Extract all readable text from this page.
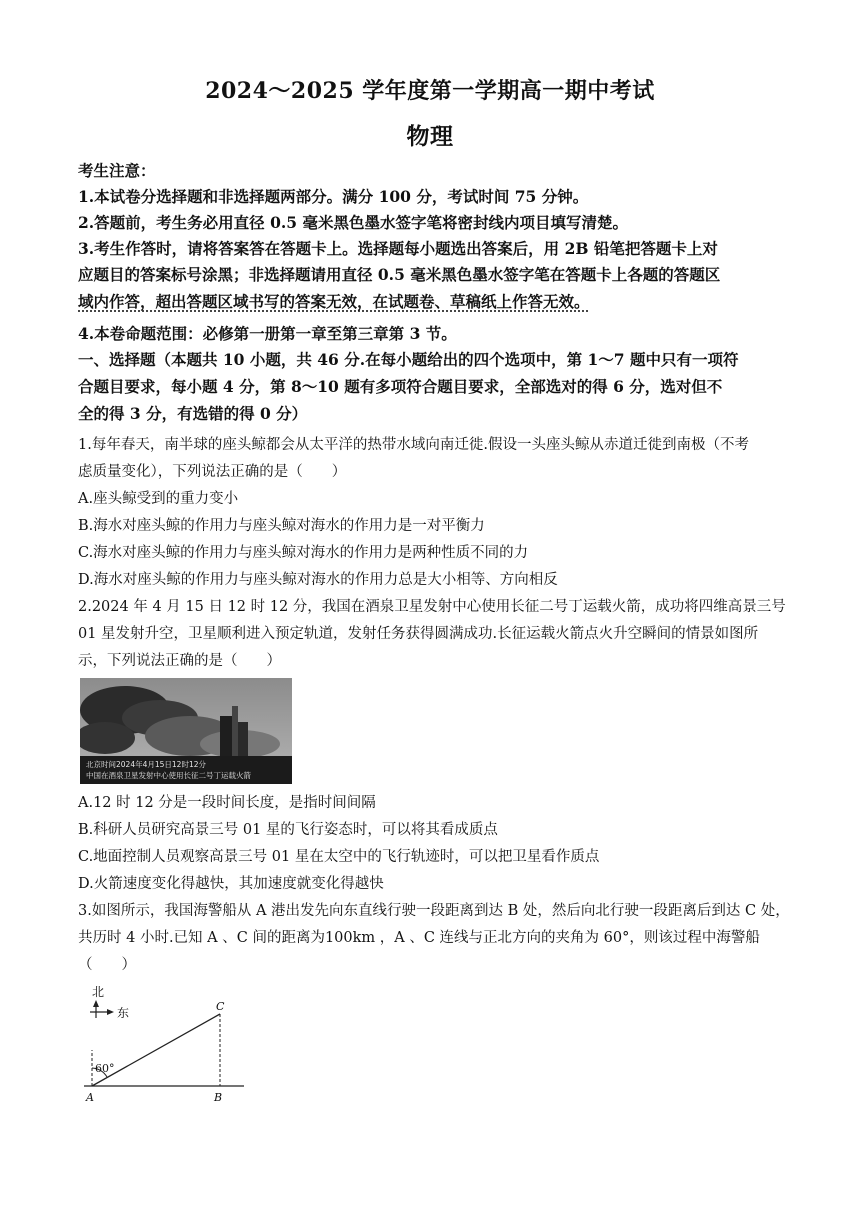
2024～2025 学年度第一学期高一期中考试
物理
考生注意：
1.本试卷分选择题和非选择题两部分。满分 100 分，考试时间 75 分钟。
2.答题前，考生务必用直径 0.5 毫米黑色墨水签字笔将密封线内项目填写清楚。
3.考生作答时，请将答案答在答题卡上。选择题每小题选出答案后，用 2B 铅笔把答题卡上对
应题目的答案标号涂黑；非选择题请用直径 0.5 毫米黑色墨水签字笔在答题卡上各题的答题区
域内作答，超出答题区域书写的答案无效，在试题卷、草稿纸上作答无效。
4.本卷命题范围：必修第一册第一章至第三章第 3 节。
一、选择题（本题共 10 小题，共 46 分.在每小题给出的四个选项中，第 1～7 题中只有一项符
合题目要求，每小题 4 分，第 8～10 题有多项符合题目要求，全部选对的得 6 分，选对但不
全的得 3 分，有选错的得 0 分）
1.每年春天，南半球的座头鲸都会从太平洋的热带水域向南迁徙.假设一头座头鲸从赤道迁徙到南极（不考
虑质量变化），下列说法正确的是（　　）
A.座头鲸受到的重力变小
B.海水对座头鲸的作用力与座头鲸对海水的作用力是一对平衡力
C.海水对座头鲸的作用力与座头鲸对海水的作用力是两种性质不同的力
D.海水对座头鲸的作用力与座头鲸对海水的作用力总是大小相等、方向相反
2.2024 年 4 月 15 日 12 时 12 分，我国在酒泉卫星发射中心使用长征二号丁运载火箭，成功将四维高景三号
01 星发射升空，卫星顺利进入预定轨道，发射任务获得圆满成功.长征运载火箭点火升空瞬间的情景如图所
示，下列说法正确的是（　　）
北京时间2024年4月15日12时12分
中国在酒泉卫星发射中心使用长征二号丁运载火箭
A.12 时 12 分是一段时间长度，是指时间间隔
B.科研人员研究高景三号 01 星的飞行姿态时，可以将其看成质点
C.地面控制人员观察高景三号 01 星在太空中的飞行轨迹时，可以把卫星看作质点
D.火箭速度变化得越快，其加速度就变化得越快
3.如图所示，我国海警船从 A 港出发先向东直线行驶一段距离到达 B 处，然后向北行驶一段距离后到达 C 处，
共历时 4 小时.已知 A 、C 间的距离为100km ，A 、C 连线与正北方向的夹角为 60°，则该过程中海警船
（　　）
北
东
60°
A	B
C
